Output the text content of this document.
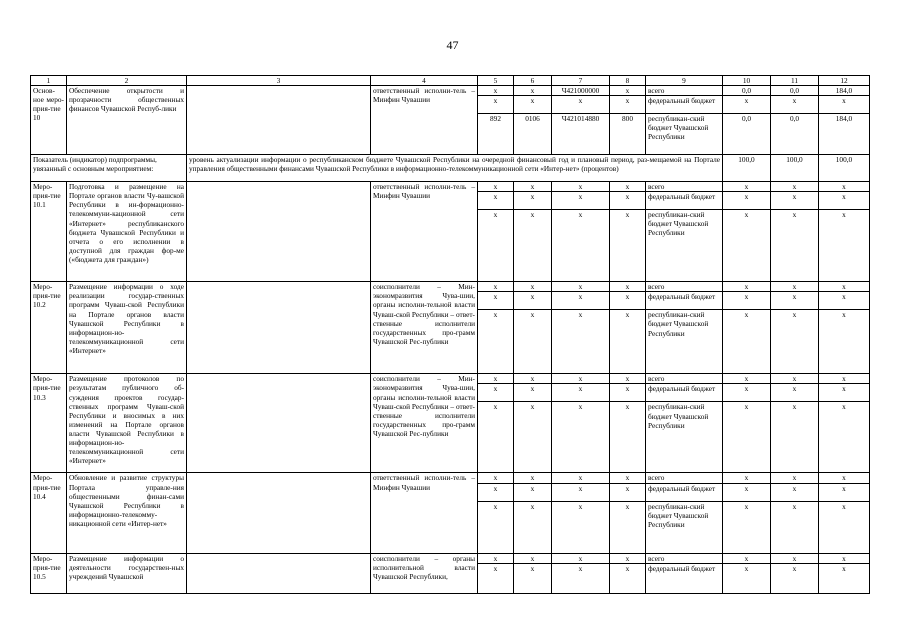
47
1	2	3	4	5	6	7	8	9	10	11	12
Основ-ное меро-прия-тие 10	Обеспечение открытости и прозрачности общественных финансов Чувашской Респуб-лики		ответственный исполни-тель – Минфин Чувашии	x	x	Ч421000000	x	всего	0,0	0,0	184,0
				x	x	x	x	федеральный бюджет	x	x	x
				892	0106	Ч421014880	800	республикан-ский бюджет Чувашской Республики	0,0	0,0	184,0
Показатель (индикатор) подпрограммы, увязанный с основным мероприятием:		уровень актуализации информации о республиканском бюджете Чувашской Республики на очередной финансовый год и плановый период, раз-мещаемой на Портале управления общественными финансами Чувашской Республики в информационно-телекоммуникационной сети «Интер-нет» (процентов)							100,0	100,0	100,0
Меро-прия-тие 10.1	Подготовка и размещение на Портале органов власти Чу-вашской Республики в ин-формационно-телекоммуни-кационной сети «Интернет» республиканского бюджета Чувашской Республики и отчета о его исполнении в доступной для граждан фор-ме («бюджета для граждан»)		ответственный исполни-тель – Минфин Чувашии	x	x	x	x	всего	x	x	x
				x	x	x	x	федеральный бюджет	x	x	x
				x	x	x	x	республикан-ский бюджет Чувашской Республики	x	x	x
Меро-прия-тие 10.2	Размещение информации о ходе реализации государ-ственных программ Чуваш-ской Республики на Портале органов власти Чувашской Республики в информацион-но-телекоммуникационной сети «Интернет»		соисполнители – Мин-экономразвития Чува-шии, органы исполни-тельной власти Чуваш-ской Республики – ответ-ственные исполнители государственных про-грамм Чувашской Рес-публики	x	x	x	x	всего	x	x	x
				x	x	x	x	федеральный бюджет	x	x	x
				x	x	x	x	республикан-ский бюджет Чувашской Республики	x	x	x
Меро-прия-тие 10.3	Размещение протоколов по результатам публичного об-суждения проектов государ-ственных программ Чуваш-ской Республики и вносимых в них изменений на Портале органов власти Чувашской Республики в информацион-но-телекоммуникационной сети «Интернет»		соисполнители – Мин-экономразвития Чува-шии, органы исполни-тельной власти Чуваш-ской Республики – ответ-ственные исполнители государственных про-грамм Чувашской Рес-публики	x	x	x	x	всего	x	x	x
				x	x	x	x	федеральный бюджет	x	x	x
				x	x	x	x	республикан-ский бюджет Чувашской Республики	x	x	x
Меро-прия-тие 10.4	Обновление и развитие структуры Портала управле-ния общественными финан-сами Чувашской Республики в информационно-телекомму-никационной сети «Интер-нет»		ответственный исполни-тель – Минфин Чувашии	x	x	x	x	всего	x	x	x
				x	x	x	x	федеральный бюджет	x	x	x
				x	x	x	x	республикан-ский бюджет Чувашской Республики	x	x	x
Меро-прия-тие 10.5	Размещение информации о деятельности государствен-ных учреждений Чувашской		соисполнители – органы исполнительной власти Чувашской Республики,	x	x	x	x	всего	x	x	x
				x	x	x	x	федеральный бюджет	x	x	x
